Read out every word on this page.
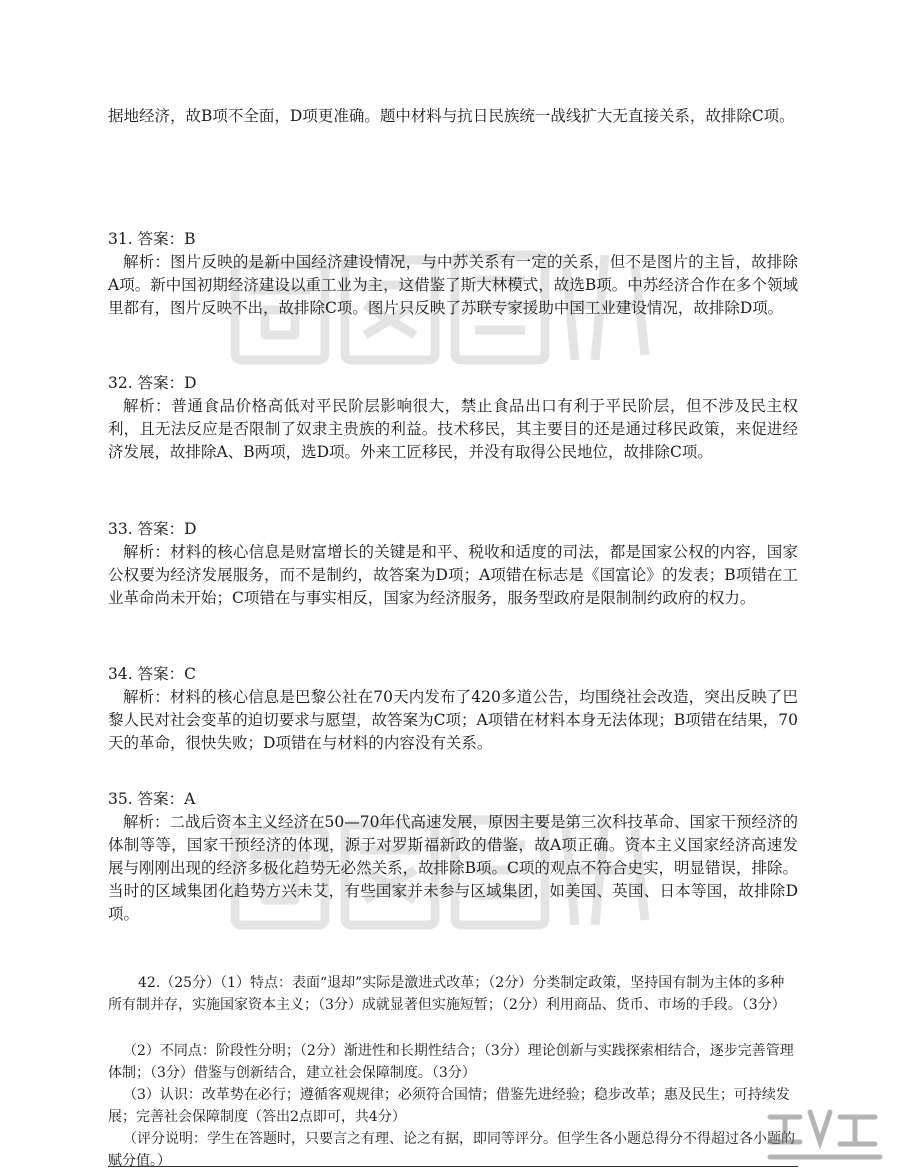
据地经济，故B项不全面，D项更准确。题中材料与抗日民族统一战线扩大无直接关系，故排除C项。

31. 答案：B

解析：图片反映的是新中国经济建设情况，与中苏关系有一定的关系，但不是图片的主旨，故排除A项。新中国初期经济建设以重工业为主，这借鉴了斯大林模式，故选B项。中苏经济合作在多个领域里都有，图片反映不出，故排除C项。图片只反映了苏联专家援助中国工业建设情况，故排除D项。

32. 答案：D

解析：普通食品价格高低对平民阶层影响很大，禁止食品出口有利于平民阶层，但不涉及民主权利，且无法反应是否限制了奴隶主贵族的利益。技术移民，其主要目的还是通过移民政策，来促进经济发展，故排除A、B两项，选D项。外来工匠移民，并没有取得公民地位，故排除C项。

33. 答案：D

解析：材料的核心信息是财富增长的关键是和平、税收和适度的司法，都是国家公权的内容，国家公权要为经济发展服务，而不是制约，故答案为D项；A项错在标志是《国富论》的发表；B项错在工业革命尚未开始；C项错在与事实相反，国家为经济服务，服务型政府是限制制约政府的权力。

34. 答案：C

解析：材料的核心信息是巴黎公社在70天内发布了420多道公告，均围绕社会改造，突出反映了巴黎人民对社会变革的迫切要求与愿望，故答案为C项；A项错在材料本身无法体现；B项错在结果，70天的革命，很快失败；D项错在与材料的内容没有关系。

35. 答案：A

解析：二战后资本主义经济在50—70年代高速发展，原因主要是第三次科技革命、国家干预经济的体制等等，国家干预经济的体现，源于对罗斯福新政的借鉴，故A项正确。资本主义国家经济高速发展与刚刚出现的经济多极化趋势无必然关系，故排除B项。C项的观点不符合史实，明显错误，排除。当时的区域集团化趋势方兴未艾，有些国家并未参与区域集团，如美国、英国、日本等国，故排除D项。

42.（25分）（1）特点：表面“退却”实际是激进式改革；（2分）分类制定政策，坚持国有制为主体的多种所有制并存，实施国家资本主义；（3分）成就显著但实施短暂；（2分）利用商品、货币、市场的手段。（3分）

（2）不同点：阶段性分明；（2分）渐进性和长期性结合；（3分）理论创新与实践探索相结合，逐步完善管理体制；（3分）借鉴与创新结合，建立社会保障制度。（3分）

（3）认识：改革势在必行；遵循客观规律；必须符合国情；借鉴先进经验；稳步改革；惠及民生；可持续发展；完善社会保障制度（答出2点即可，共4分）

（评分说明：学生在答题时，只要言之有理、论之有据，即同等评分。但学生各小题总得分不得超过各小题的赋分值。）
